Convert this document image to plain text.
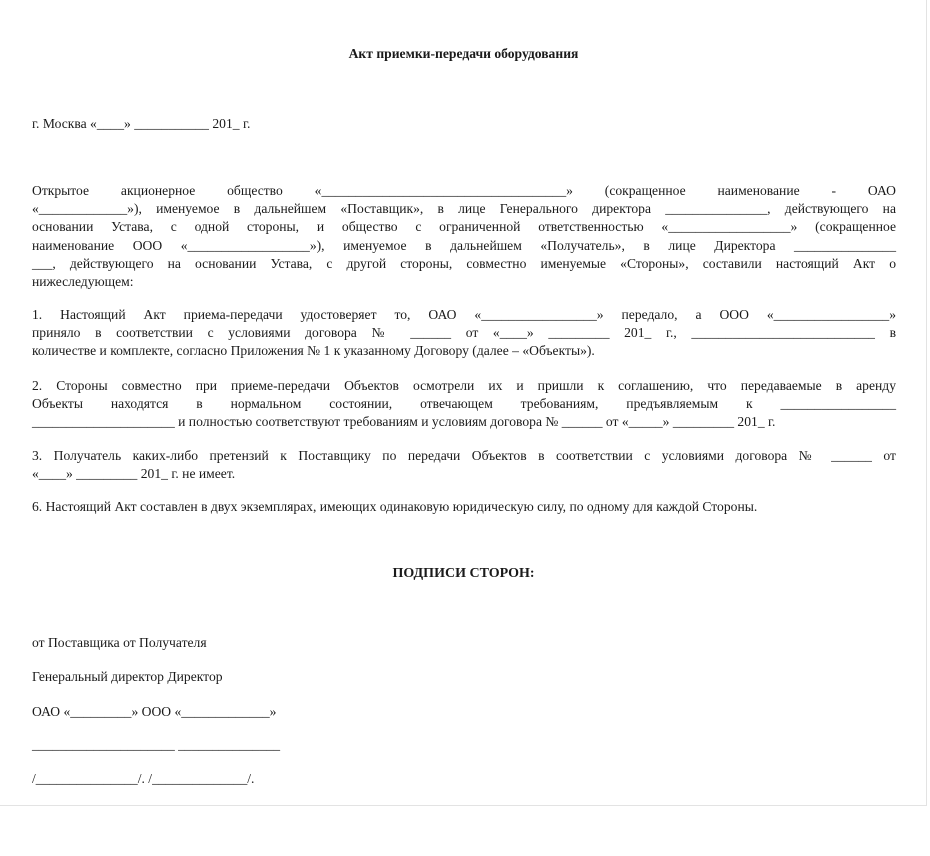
Акт приемки-передачи оборудования

г. Москва «____» ___________ 201_ г.

Открытое акционерное общество «____________________________________» (сокращенное наименование - ОАО
«_____________»), именуемое в дальнейшем «Поставщик», в лице Генерального директора _______________, действующего на
основании Устава, с одной стороны, и общество с ограниченной ответственностью «__________________» (сокращенное
наименование ООО «__________________»), именуемое в дальнейшем «Получатель», в лице Директора _______________
___, действующего на основании Устава, с другой стороны, совместно именуемые «Стороны», составили настоящий Акт о
нижеследующем:
1. Настоящий Акт приема-передачи удостоверяет то, ОАО «_________________» передало, а ООО «_________________»
приняло в соответствии с условиями договора № ______ от «____» _________ 201_ г., ___________________________ в
количестве и комплекте, согласно Приложения № 1 к указанному Договору (далее – «Объекты»).
2. Стороны совместно при приеме-передачи Объектов осмотрели их и пришли к соглашению, что передаваемые в аренду
Объекты находятся в нормальном состоянии, отвечающем требованиям, предъявляемым к _________________
_____________________ и полностью соответствуют требованиям и условиям договора № ______ от «_____» _________ 201_ г.
3. Получатель каких-либо претензий к Поставщику по передачи Объектов в соответствии с условиями договора № ______ от
«____» _________ 201_ г. не имеет.

6. Настоящий Акт составлен в двух экземплярах, имеющих одинаковую юридическую силу, по одному для каждой Стороны.

ПОДПИСИ СТОРОН:

от Поставщика от Получателя

Генеральный директор Директор

ОАО «_________» ООО «_____________»

_____________________ _______________

/_______________/. /______________/.
